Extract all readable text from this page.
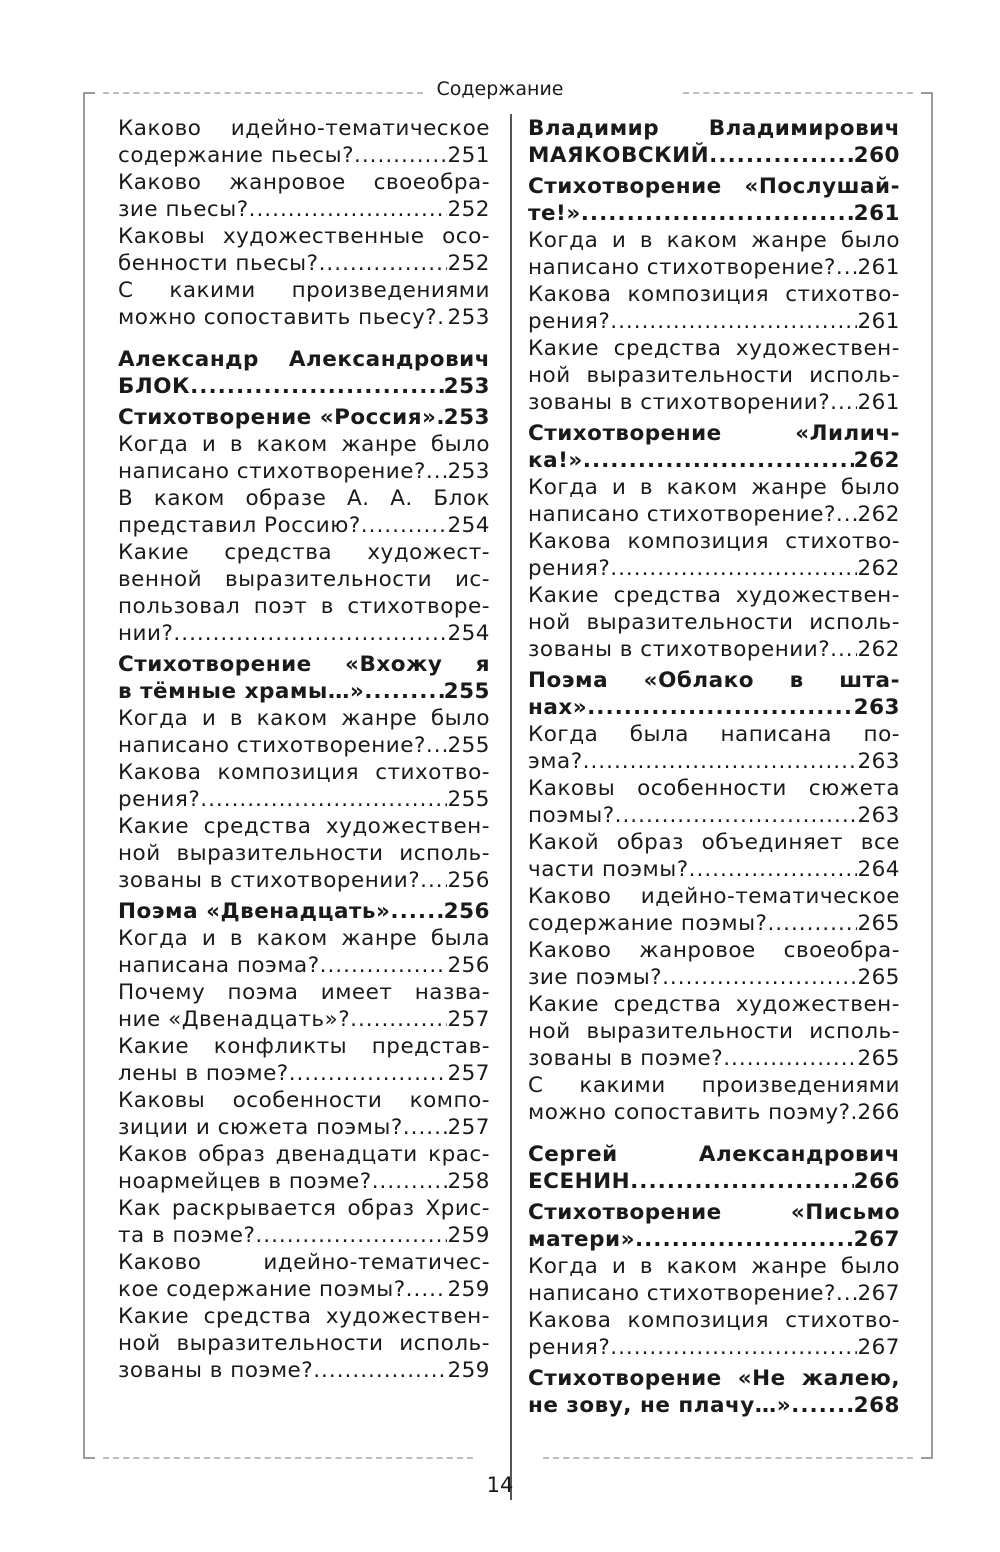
Содержание
Каково идейно-тематическое
содержание пьесы? .....	251
Каково жанровое своеобра-
зие пьесы? .....	252
Каковы художественные осо-
бенности пьесы? .....	252
С какими произведениями
можно сопоставить пьесу? ..... 253
Александр Александрович
БЛОК .....	253
Стихотворение «Россия» ..... 253
Когда и в каком жанре было
написано стихотворение? ..... 253
В каком образе А. А. Блок
представил Россию? .....	254
Какие средства художест-
венной выразительности ис-
пользовал поэт в стихотворе-
нии? .....	254
Стихотворение «Вхожу я
в тёмные храмы…» .....	255
Когда и в каком жанре было
написано стихотворение? ..... 255
Какова композиция стихотво-
рения? .....	255
Какие средства художествен-
ной выразительности исполь-
зованы в стихотворении? ..... 256
Поэма «Двенадцать» ..... 256
Когда и в каком жанре была
написана поэма? .....	256
Почему поэма имеет назва-
ние «Двенадцать»? .....	257
Какие конфликты представ-
лены в поэме? .....	257
Каковы особенности компо-
зиции и сюжета поэмы? ..... 257
Каков образ двенадцати крас-
ноармейцев в поэме? .....	258
Как раскрывается образ Хрис-
та в поэме? .....	259
Каково идейно-тематичес-
кое содержание поэмы? ..... 259
Какие средства художествен-
ной выразительности исполь-
зованы в поэме? .....	259
Владимир Владимирович
МАЯКОВСКИЙ .....	260
Стихотворение «Послушай-
те!» .....	261
Когда и в каком жанре было
написано стихотворение? ..... 261
Какова композиция стихотво-
рения? .....	261
Какие средства художествен-
ной выразительности исполь-
зованы в стихотворении? ..... 261
Стихотворение «Лилич-
ка!» .....	262
Когда и в каком жанре было
написано стихотворение? ..... 262
Какова композиция стихотво-
рения? .....	262
Какие средства художествен-
ной выразительности исполь-
зованы в стихотворении? ..... 262
Поэма «Облако в шта-
нах» .....	263
Когда была написана по-
эма? .....	263
Каковы особенности сюжета
поэмы? .....	263
Какой образ объединяет все
части поэмы? .....	264
Каково идейно-тематическое
содержание поэмы? .....	265
Каково жанровое своеобра-
зие поэмы? .....	265
Какие средства художествен-
ной выразительности исполь-
зованы в поэме? .....	265
С какими произведениями
можно сопоставить поэму? ..... 266
Сергей Александрович
ЕСЕНИН .....	266
Стихотворение «Письмо
матери» .....	267
Когда и в каком жанре было
написано стихотворение? ..... 267
Какова композиция стихотво-
рения? .....	267
Стихотворение «Не жалею,
не зову, не плачу…» .....	268
14
